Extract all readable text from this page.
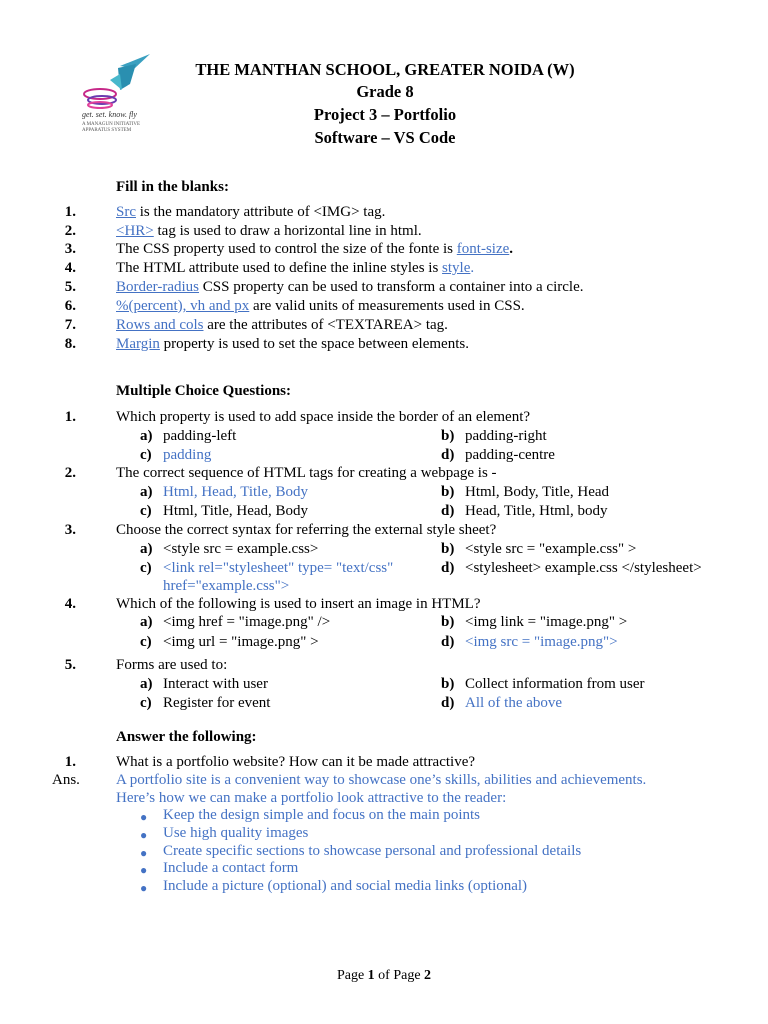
get. set. know. fly
A MANAGUN INITIATIVE
APPARATUS SYSTEM
THE MANTHAN SCHOOL, GREATER NOIDA (W)
Grade 8
Project 3 – Portfolio
Software – VS Code
Fill in the blanks:
1.	Src is the mandatory attribute of <IMG> tag.
2.	<HR> tag is used to draw a horizontal line in html.
3.	The CSS property used to control the size of the fonte is font-size.
4.	The HTML attribute used to define the inline styles is style.
5.	Border-radius CSS property can be used to transform a container into a circle.
6.	%(percent), vh and px are valid units of measurements used in CSS.
7.	Rows and cols are the attributes of <TEXTAREA> tag.
8.	Margin property is used to set the space between elements.
Multiple Choice Questions:
1.	Which property is used to add space inside the border of an element?
a) padding-left	b) padding-right
c) padding	d) padding-centre
2.	The correct sequence of HTML tags for creating a webpage is -
a) Html, Head, Title, Body	b) Html, Body, Title, Head
c) Html, Title, Head, Body	d) Head, Title, Html, body
3.	Choose the correct syntax for referring the external style sheet?
a) <style src = example.css>	b) <style src = "example.css" >
c) <link rel="stylesheet" type= "text/css"
href="example.css">
d) <stylesheet> example.css </stylesheet>
4.	Which of the following is used to insert an image in HTML?
a) <img href = "image.png" />	b) <img link = "image.png" >
c) <img url = "image.png" >	d) <img src = "image.png">
5.	Forms are used to:
a) Interact with user	b) Collect information from user
c) Register for event	d) All of the above
Answer the following:
1.	What is a portfolio website? How can it be made attractive?
Ans. A portfolio site is a convenient way to showcase one’s skills, abilities and achievements.
Here’s how we can make a portfolio look attractive to the reader:
● Keep the design simple and focus on the main points
● Use high quality images
● Create specific sections to showcase personal and professional details
● Include a contact form
● Include a picture (optional) and social media links (optional)
Page 1 of Page 2
